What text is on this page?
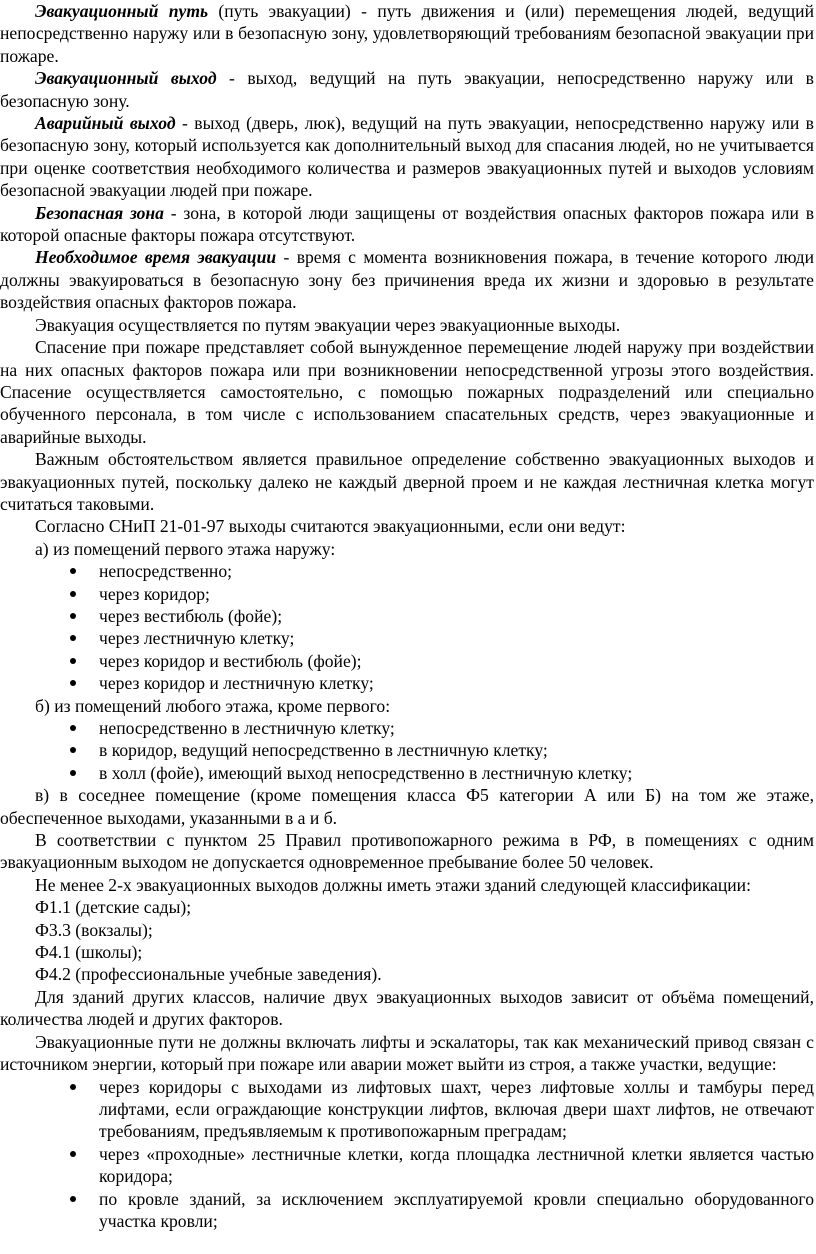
Эвакуационный путь (путь эвакуации) - путь движения и (или) перемещения людей, ведущий непосредственно наружу или в безопасную зону, удовлетворяющий требованиям безопасной эвакуации при пожаре.

Эвакуационный выход - выход, ведущий на путь эвакуации, непосредственно наружу или в безопасную зону.

Аварийный выход - выход (дверь, люк), ведущий на путь эвакуации, непосредственно наружу или в безопасную зону, который используется как дополнительный выход для спасания людей, но не учитывается при оценке соответствия необходимого количества и размеров эвакуационных путей и выходов условиям безопасной эвакуации людей при пожаре.

Безопасная зона - зона, в которой люди защищены от воздействия опасных факторов пожара или в которой опасные факторы пожара отсутствуют.

Необходимое время эвакуации - время с момента возникновения пожара, в течение которого люди должны эвакуироваться в безопасную зону без причинения вреда их жизни и здоровью в результате воздействия опасных факторов пожара.

Эвакуация осуществляется по путям эвакуации через эвакуационные выходы.

Спасение при пожаре представляет собой вынужденное перемещение людей наружу при воздействии на них опасных факторов пожара или при возникновении непосредственной угрозы этого воздействия. Спасение осуществляется самостоятельно, с помощью пожарных подразделений или специально обученного персонала, в том числе с использованием спасательных средств, через эвакуационные и аварийные выходы.

Важным обстоятельством является правильное определение собственно эвакуационных выходов и эвакуационных путей, поскольку далеко не каждый дверной проем и не каждая лестничная клетка могут считаться таковыми.

Согласно СНиП 21-01-97 выходы считаются эвакуационными, если они ведут:

а) из помещений первого этажа наружу:

непосредственно;
через коридор;
через вестибюль (фойе);
через лестничную клетку;
через коридор и вестибюль (фойе);
через коридор и лестничную клетку;

б) из помещений любого этажа, кроме первого:

непосредственно в лестничную клетку;
в коридор, ведущий непосредственно в лестничную клетку;
в холл (фойе), имеющий выход непосредственно в лестничную клетку;

в) в соседнее помещение (кроме помещения класса Ф5 категории А или Б) на том же этаже, обеспеченное выходами, указанными в а и б.

В соответствии с пунктом 25 Правил противопожарного режима в РФ, в помещениях с одним эвакуационным выходом не допускается одновременное пребывание более 50 человек.

Не менее 2-х эвакуационных выходов должны иметь этажи зданий следующей классификации:

Ф1.1 (детские сады);

Ф3.3 (вокзалы);

Ф4.1 (школы);

Ф4.2 (профессиональные учебные заведения).

Для зданий других классов, наличие двух эвакуационных выходов зависит от объёма помещений, количества людей и других факторов.

Эвакуационные пути не должны включать лифты и эскалаторы, так как механический привод связан с источником энергии, который при пожаре или аварии может выйти из строя, а также участки, ведущие:

через коридоры с выходами из лифтовых шахт, через лифтовые холлы и тамбуры перед лифтами, если ограждающие конструкции лифтов, включая двери шахт лифтов, не отвечают требованиям, предъявляемым к противопожарным преградам;
через «проходные» лестничные клетки, когда площадка лестничной клетки является частью коридора;
по кровле зданий, за исключением эксплуатируемой кровли специально оборудованного участка кровли;
